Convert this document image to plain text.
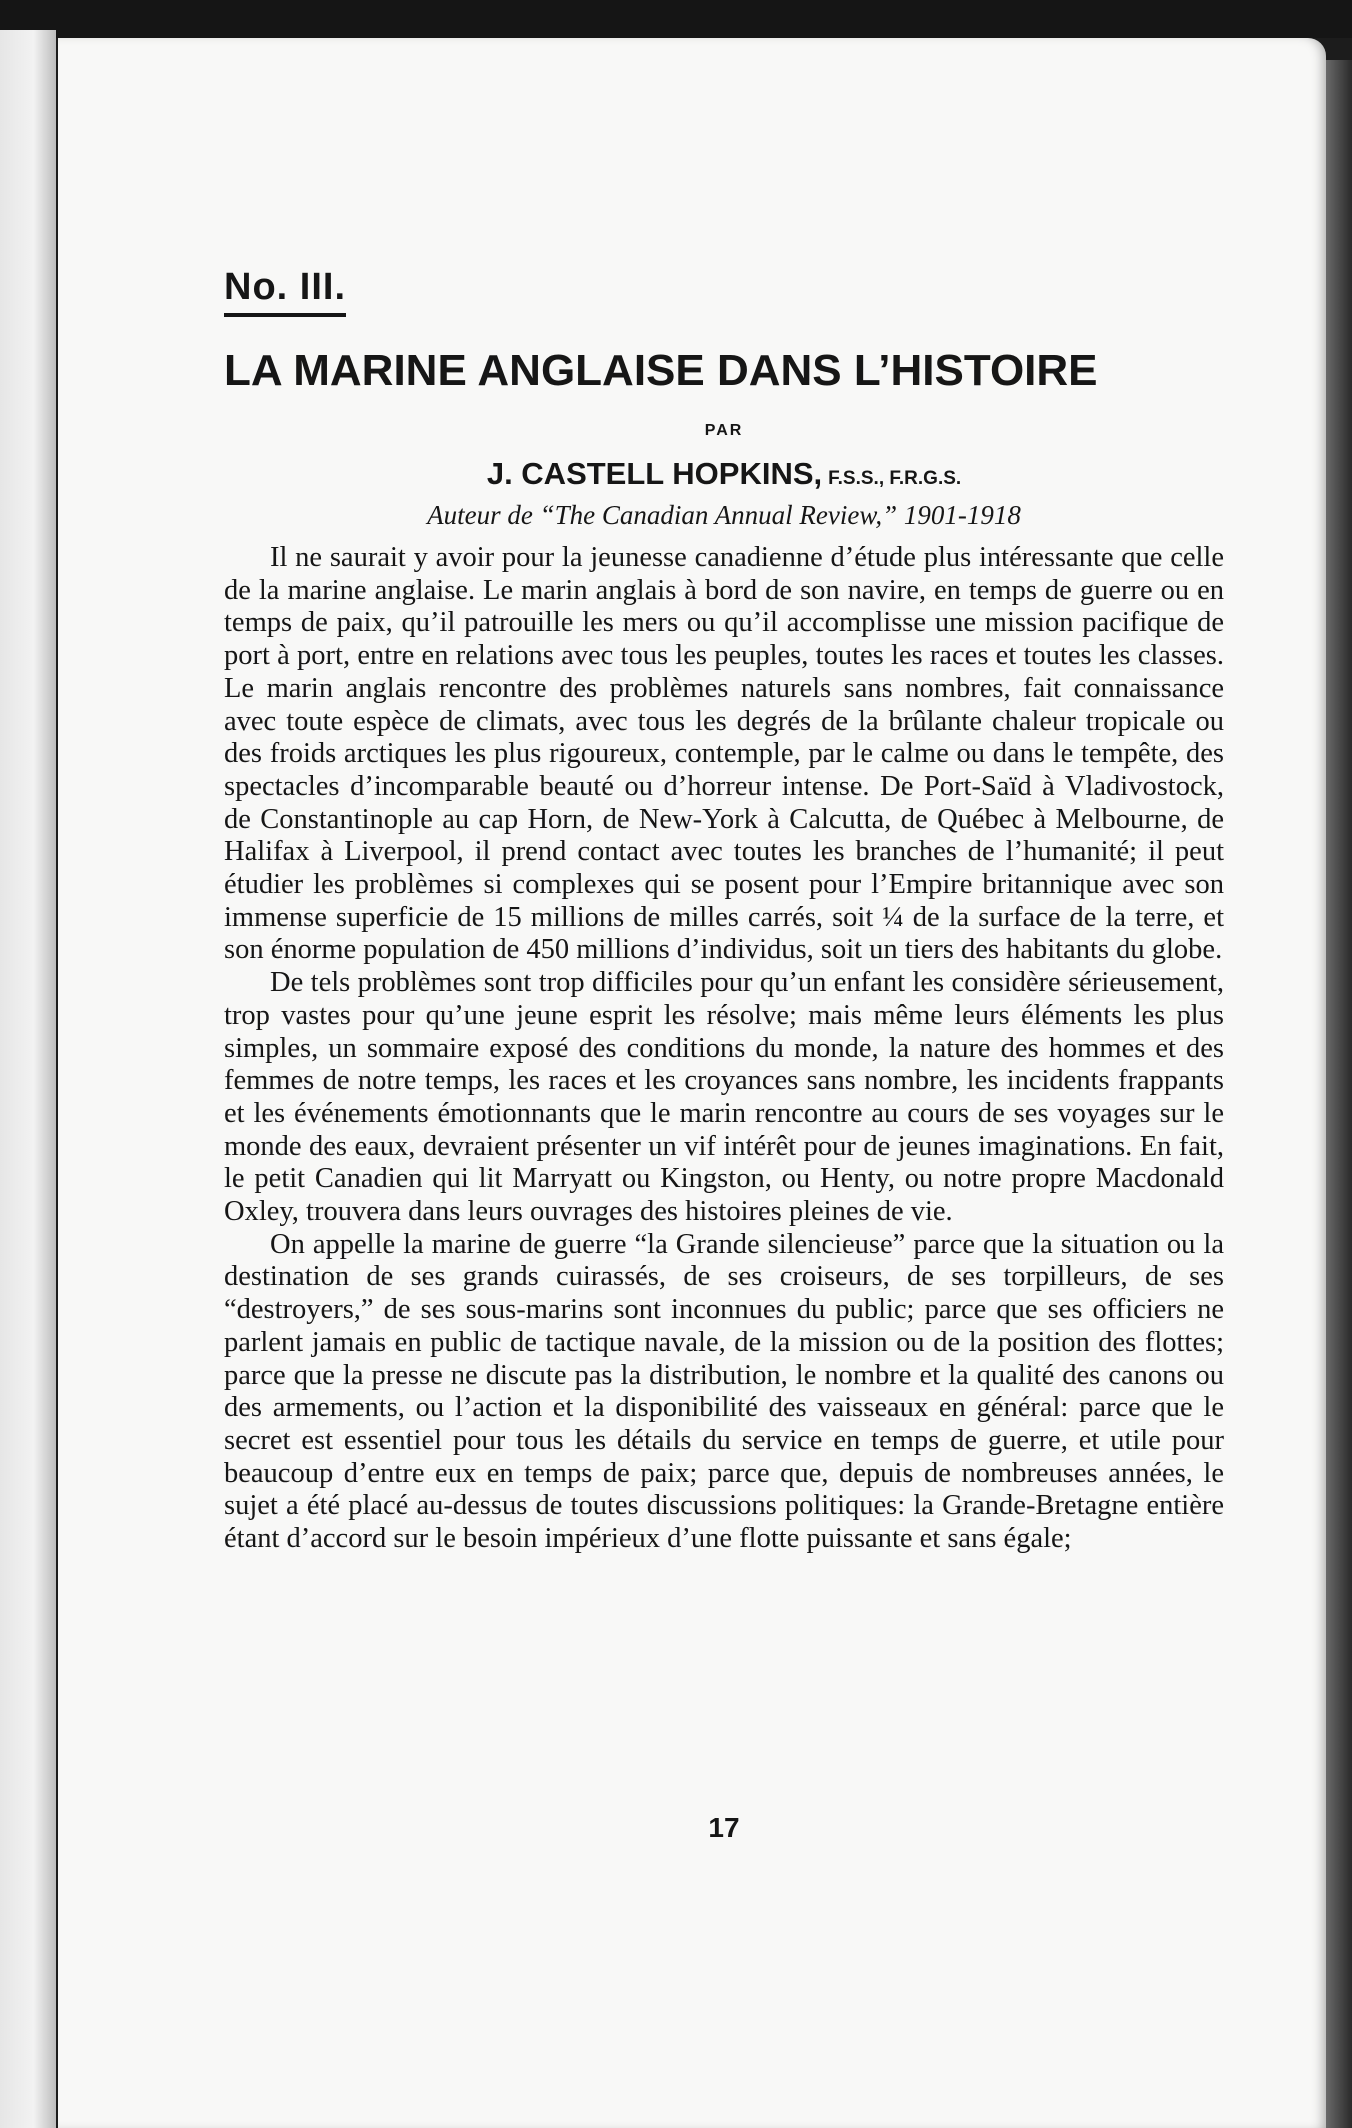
No. III.
LA MARINE ANGLAISE DANS L’HISTOIRE
PAR
J. CASTELL HOPKINS, F.S.S., F.R.G.S.
Auteur de “The Canadian Annual Review,” 1901-1918

Il ne saurait y avoir pour la jeunesse canadienne d’étude plus intéressante que celle de la marine anglaise. Le marin anglais à bord de son navire, en temps de guerre ou en temps de paix, qu’il patrouille les mers ou qu’il accomplisse une mission pacifique de port à port, entre en relations avec tous les peuples, toutes les races et toutes les classes. Le marin anglais rencontre des problèmes naturels sans nombres, fait connaissance avec toute espèce de climats, avec tous les degrés de la brûlante chaleur tropicale ou des froids arctiques les plus rigoureux, contemple, par le calme ou dans le tempête, des spectacles d’incomparable beauté ou d’horreur intense. De Port-Saïd à Vladivostock, de Constantinople au cap Horn, de New-York à Calcutta, de Québec à Melbourne, de Halifax à Liverpool, il prend contact avec toutes les branches de l’humanité; il peut étudier les problèmes si complexes qui se posent pour l’Empire britannique avec son immense superficie de 15 millions de milles carrés, soit ¼ de la surface de la terre, et son énorme population de 450 millions d’individus, soit un tiers des habitants du globe.

De tels problèmes sont trop difficiles pour qu’un enfant les considère sérieusement, trop vastes pour qu’une jeune esprit les résolve; mais même leurs éléments les plus simples, un sommaire exposé des conditions du monde, la nature des hommes et des femmes de notre temps, les races et les croyances sans nombre, les incidents frappants et les événements émotionnants que le marin rencontre au cours de ses voyages sur le monde des eaux, devraient présenter un vif intérêt pour de jeunes imaginations. En fait, le petit Canadien qui lit Marryatt ou Kingston, ou Henty, ou notre propre Macdonald Oxley, trouvera dans leurs ouvrages des histoires pleines de vie.

On appelle la marine de guerre “la Grande silencieuse” parce que la situation ou la destination de ses grands cuirassés, de ses croiseurs, de ses torpilleurs, de ses “destroyers,” de ses sous-marins sont inconnues du public; parce que ses officiers ne parlent jamais en public de tactique navale, de la mission ou de la position des flottes; parce que la presse ne discute pas la distribution, le nombre et la qualité des canons ou des armements, ou l’action et la disponibilité des vaisseaux en général: parce que le secret est essentiel pour tous les détails du service en temps de guerre, et utile pour beaucoup d’entre eux en temps de paix; parce que, depuis de nombreuses années, le sujet a été placé au-dessus de toutes discussions politiques: la Grande-Bretagne entière étant d’accord sur le besoin impérieux d’une flotte puissante et sans égale;

17
